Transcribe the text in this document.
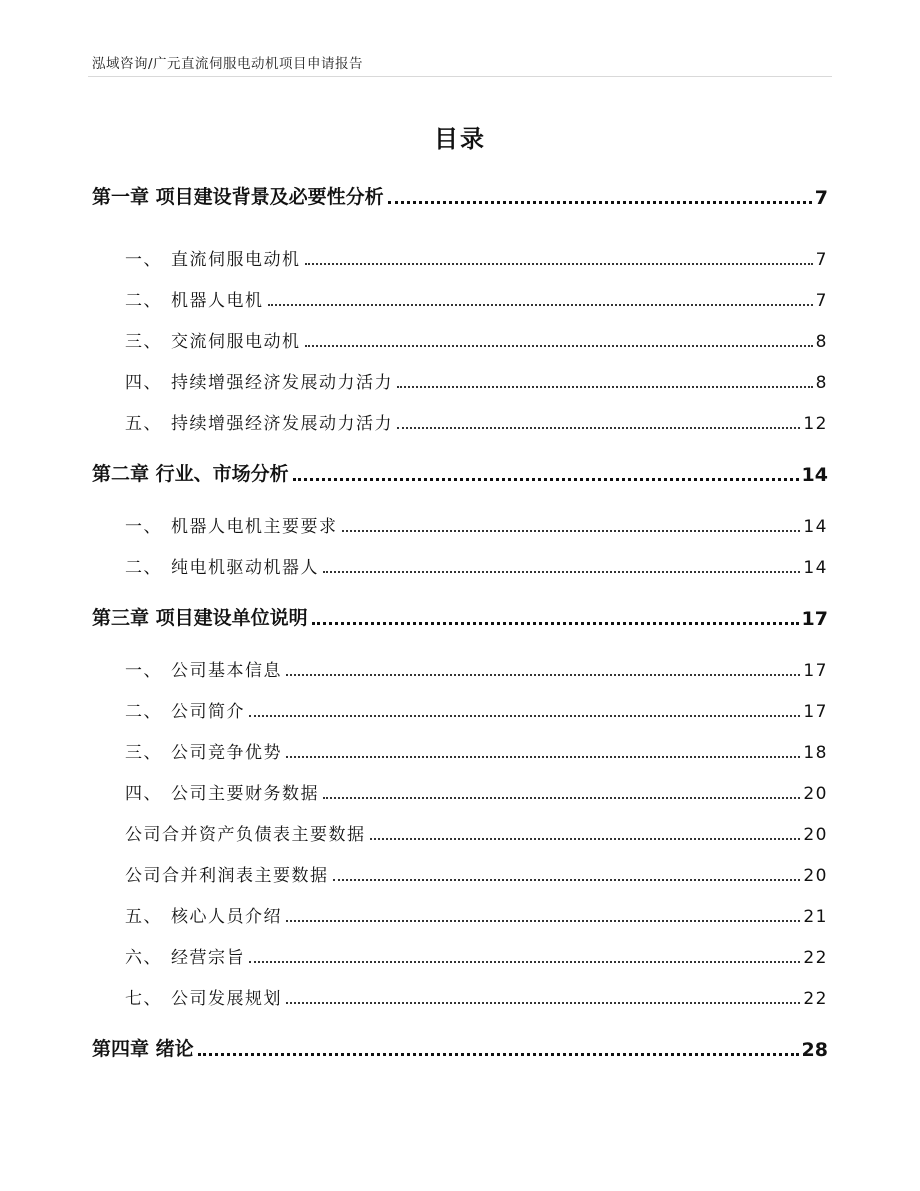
泓域咨询/广元直流伺服电动机项目申请报告
目录
第一章 项目建设背景及必要性分析	7
一、 直流伺服电动机	7
二、 机器人电机	7
三、 交流伺服电动机	8
四、 持续增强经济发展动力活力	8
五、 持续增强经济发展动力活力	12
第二章 行业、市场分析	14
一、 机器人电机主要要求	14
二、 纯电机驱动机器人	14
第三章 项目建设单位说明	17
一、 公司基本信息	17
二、 公司简介	17
三、 公司竞争优势	18
四、 公司主要财务数据	20
公司合并资产负债表主要数据	20
公司合并利润表主要数据	20
五、 核心人员介绍	21
六、 经营宗旨	22
七、 公司发展规划	22
第四章 绪论	28
